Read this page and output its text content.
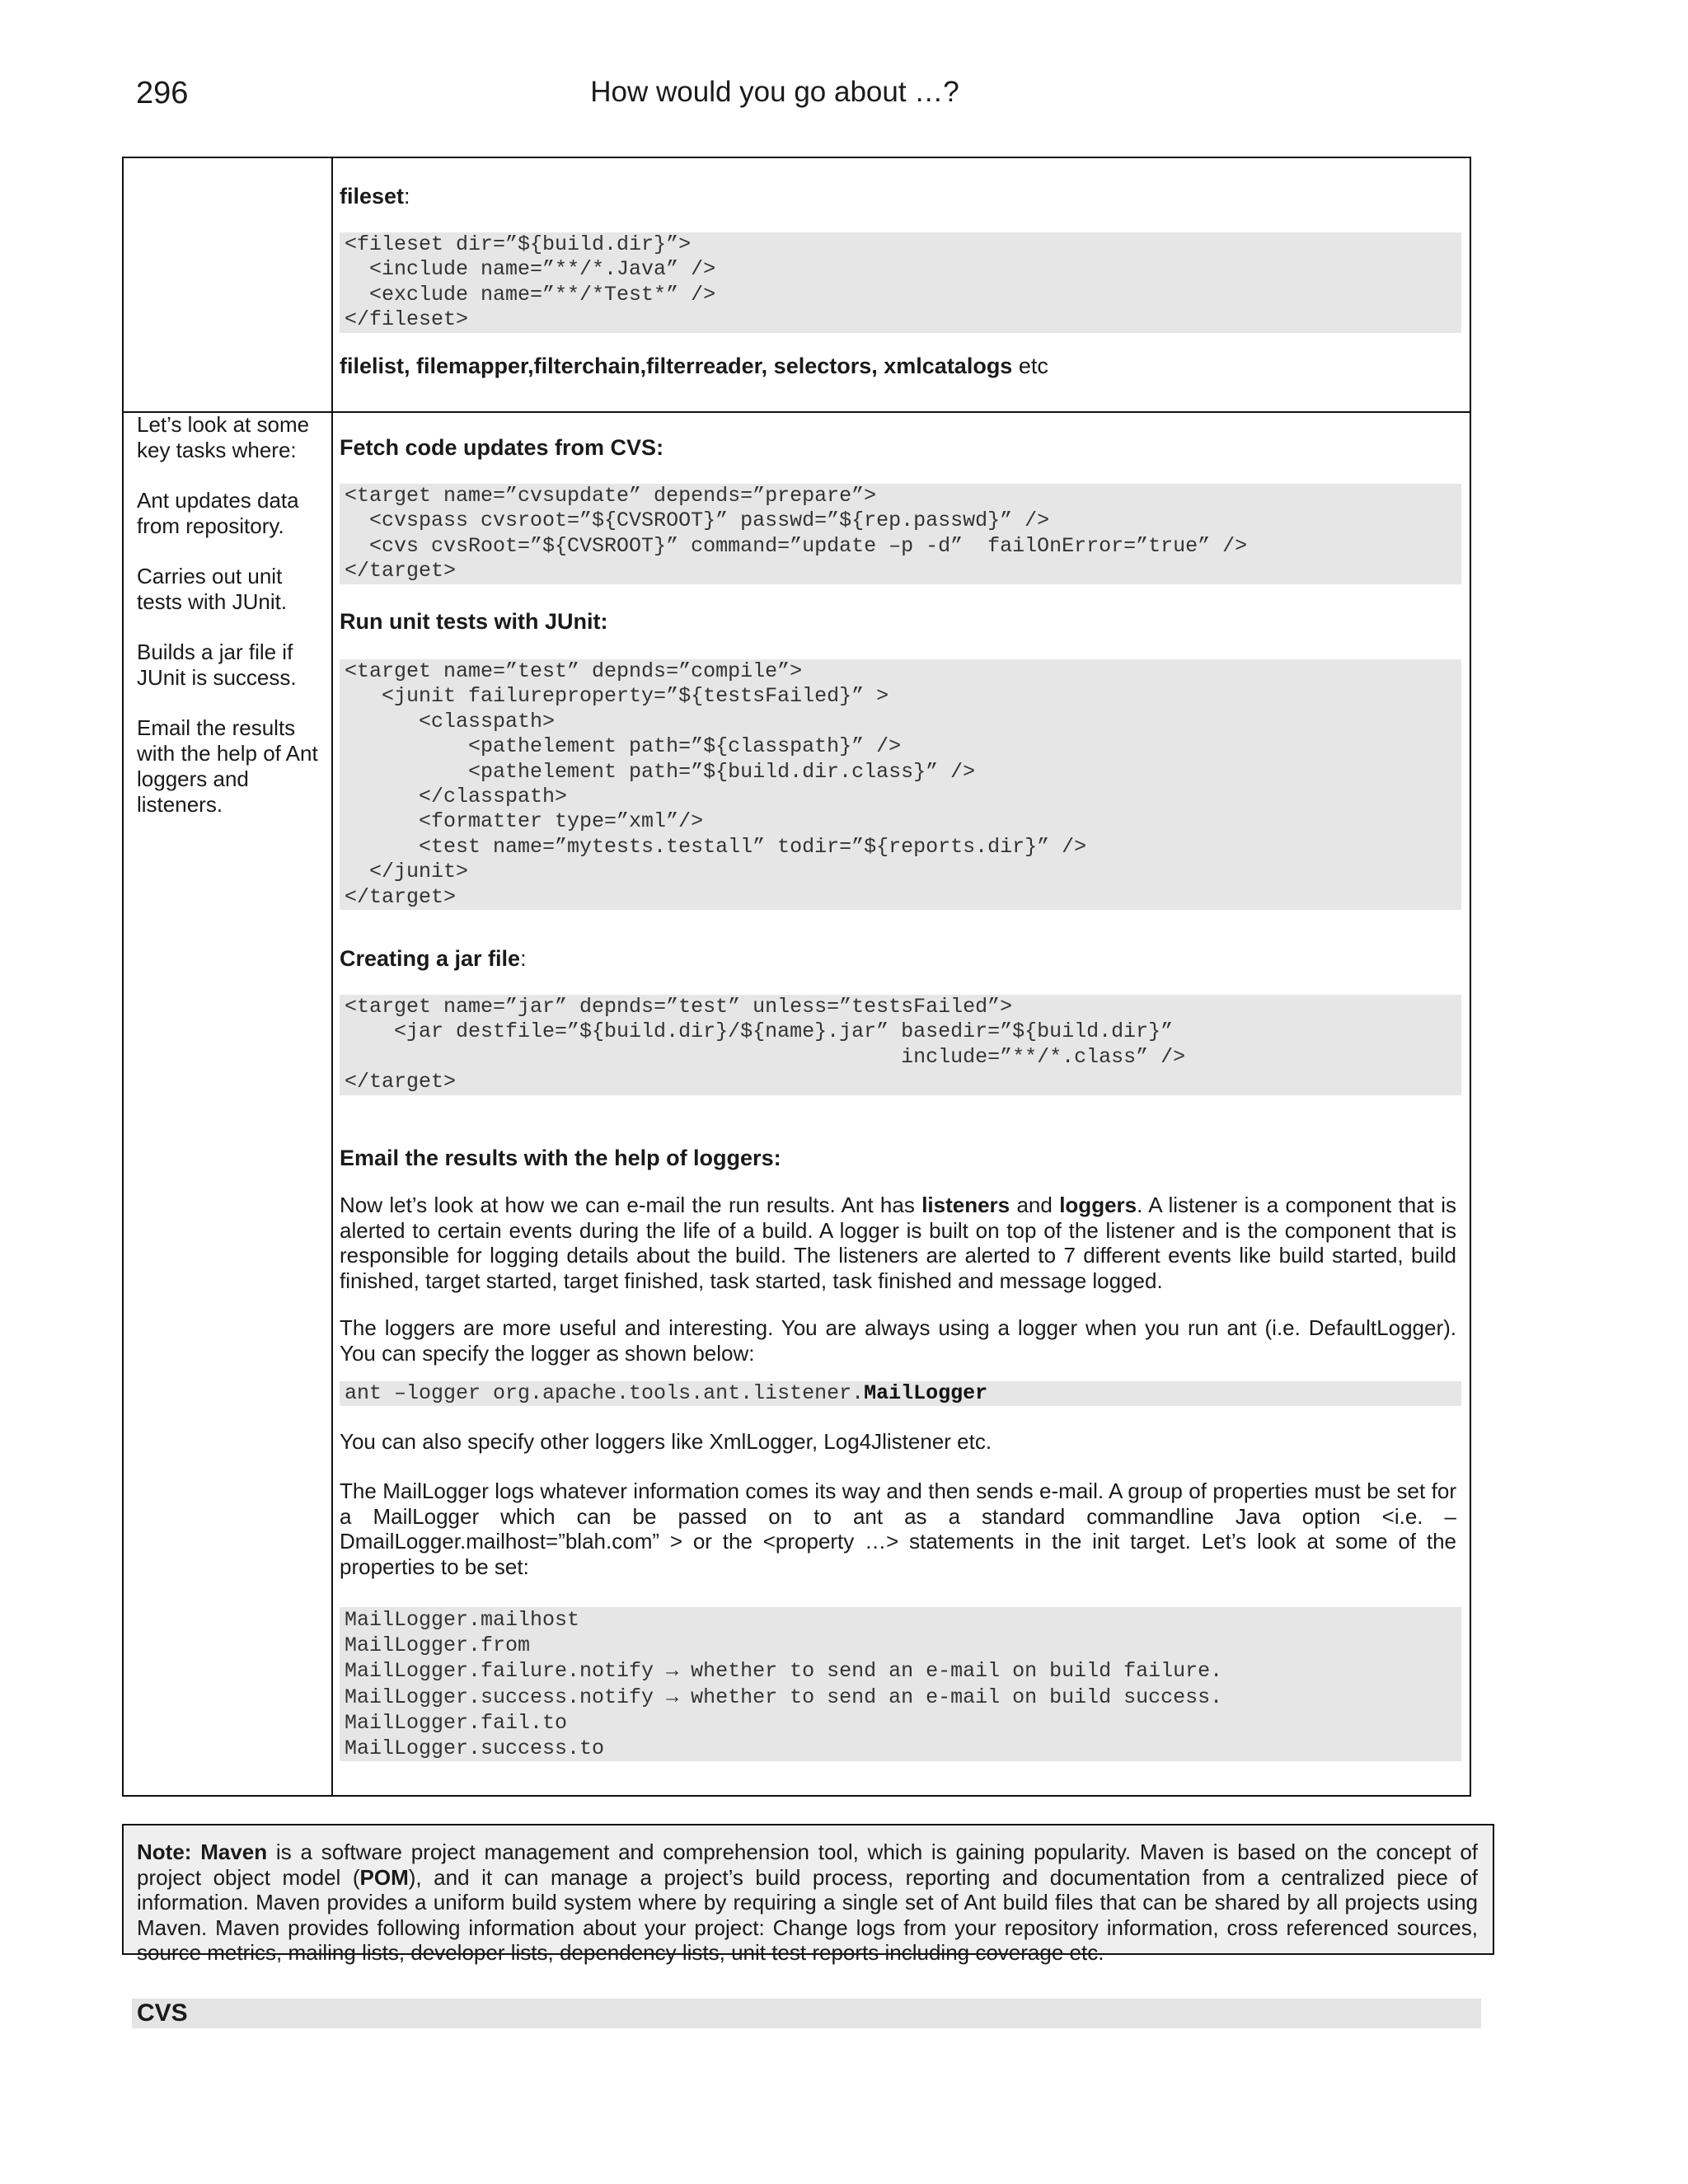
296	How would you go about …?
fileset:
<fileset dir=”${build.dir}”>
<include name=”**/*.Java” />
<exclude name=”**/*Test*” />
</fileset>
filelist, filemapper,filterchain,filterreader, selectors, xmlcatalogs etc

Let’s look at some key tasks where:

Ant updates data from repository.

Carries out unit tests with JUnit.

Builds a jar file if JUnit is success.

Email the results with the help of Ant loggers and listeners.

Fetch code updates from CVS:
<target name=”cvsupdate” depends=”prepare”>
<cvspass cvsroot=”${CVSROOT}” passwd=”${rep.passwd}” />
<cvs cvsRoot=”${CVSROOT}” command=”update –p -d”  failOnError=”true” />
</target>
Run unit tests with JUnit:
<target name=”test” depnds=”compile”>
<junit failureproperty=”${testsFailed}” >
<classpath>
<pathelement path=”${classpath}” />
<pathelement path=”${build.dir.class}” />
</classpath>
<formatter type=”xml”/>
<test name=”mytests.testall” todir=”${reports.dir}” />
</junit>
</target>
Creating a jar file:
<target name=”jar” depnds=”test” unless=”testsFailed”>
<jar destfile=”${build.dir}/${name}.jar” basedir=”${build.dir}”
include=”**/*.class” />
</target>
Email the results with the help of loggers:

Now let’s look at how we can e-mail the run results. Ant has listeners and loggers. A listener is a component that is alerted to certain events during the life of a build. A logger is built on top of the listener and is the component that is responsible for logging details about the build. The listeners are alerted to 7 different events like build started, build finished, target started, target finished, task started, task finished and message logged.

The loggers are more useful and interesting. You are always using a logger when you run ant (i.e. DefaultLogger). You can specify the logger as shown below:

ant –logger org.apache.tools.ant.listener.MailLogger

You can also specify other loggers like XmlLogger, Log4Jlistener etc.

The MailLogger logs whatever information comes its way and then sends e-mail. A group of properties must be set for a MailLogger which can be passed on to ant as a standard commandline Java option <i.e. –DmailLogger.mailhost=”blah.com” > or the <property …> statements in the init target. Let’s look at some of the properties to be set:

MailLogger.mailhost
MailLogger.from
MailLogger.failure.notify → whether to send an e-mail on build failure.
MailLogger.success.notify → whether to send an e-mail on build success.
MailLogger.fail.to
MailLogger.success.to
Note: Maven is a software project management and comprehension tool, which is gaining popularity. Maven is based on the concept of project object model (POM), and it can manage a project’s build process, reporting and documentation from a centralized piece of information. Maven provides a uniform build system where by requiring a single set of Ant build files that can be shared by all projects using Maven. Maven provides following information about your project: Change logs from your repository information, cross referenced sources, source metrics, mailing lists, developer lists, dependency lists, unit test reports including coverage etc.
CVS
